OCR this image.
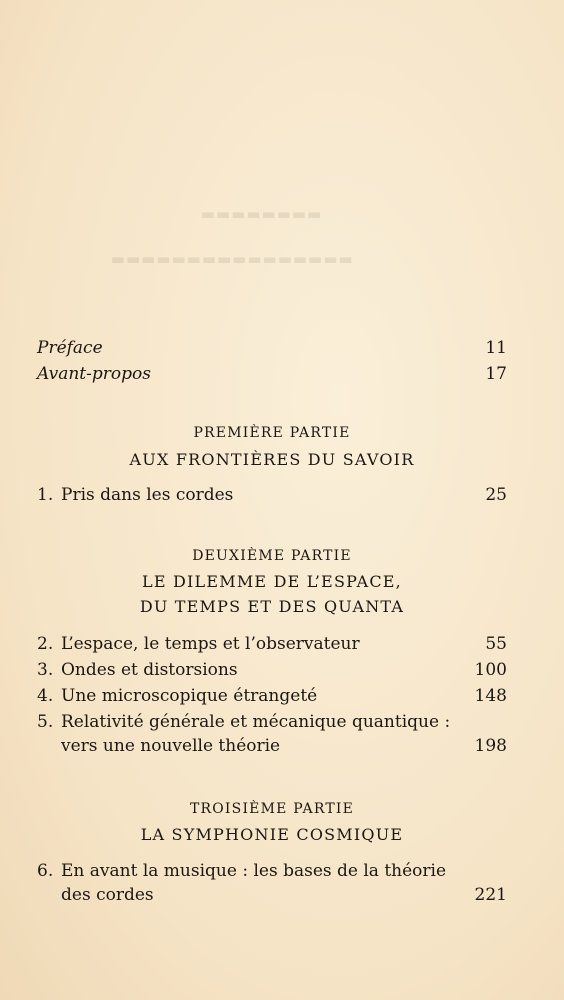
▬▬▬▬▬▬▬▬
▬▬▬▬▬▬▬▬▬▬▬▬▬▬▬▬
Préface	11
Avant-propos	17
PREMIÈRE PARTIE
AUX FRONTIÈRES DU SAVOIR
1. Pris dans les cordes	25
DEUXIÈME PARTIE
LE DILEMME DE L’ESPACE,
DU TEMPS ET DES QUANTA
2. L’espace, le temps et l’observateur	55
3. Ondes et distorsions	100
4. Une microscopique étrangeté	148
5. Relativité générale et mécanique quantique :
vers une nouvelle théorie	198
TROISIÈME PARTIE
LA SYMPHONIE COSMIQUE
6. En avant la musique : les bases de la théorie
des cordes	221
